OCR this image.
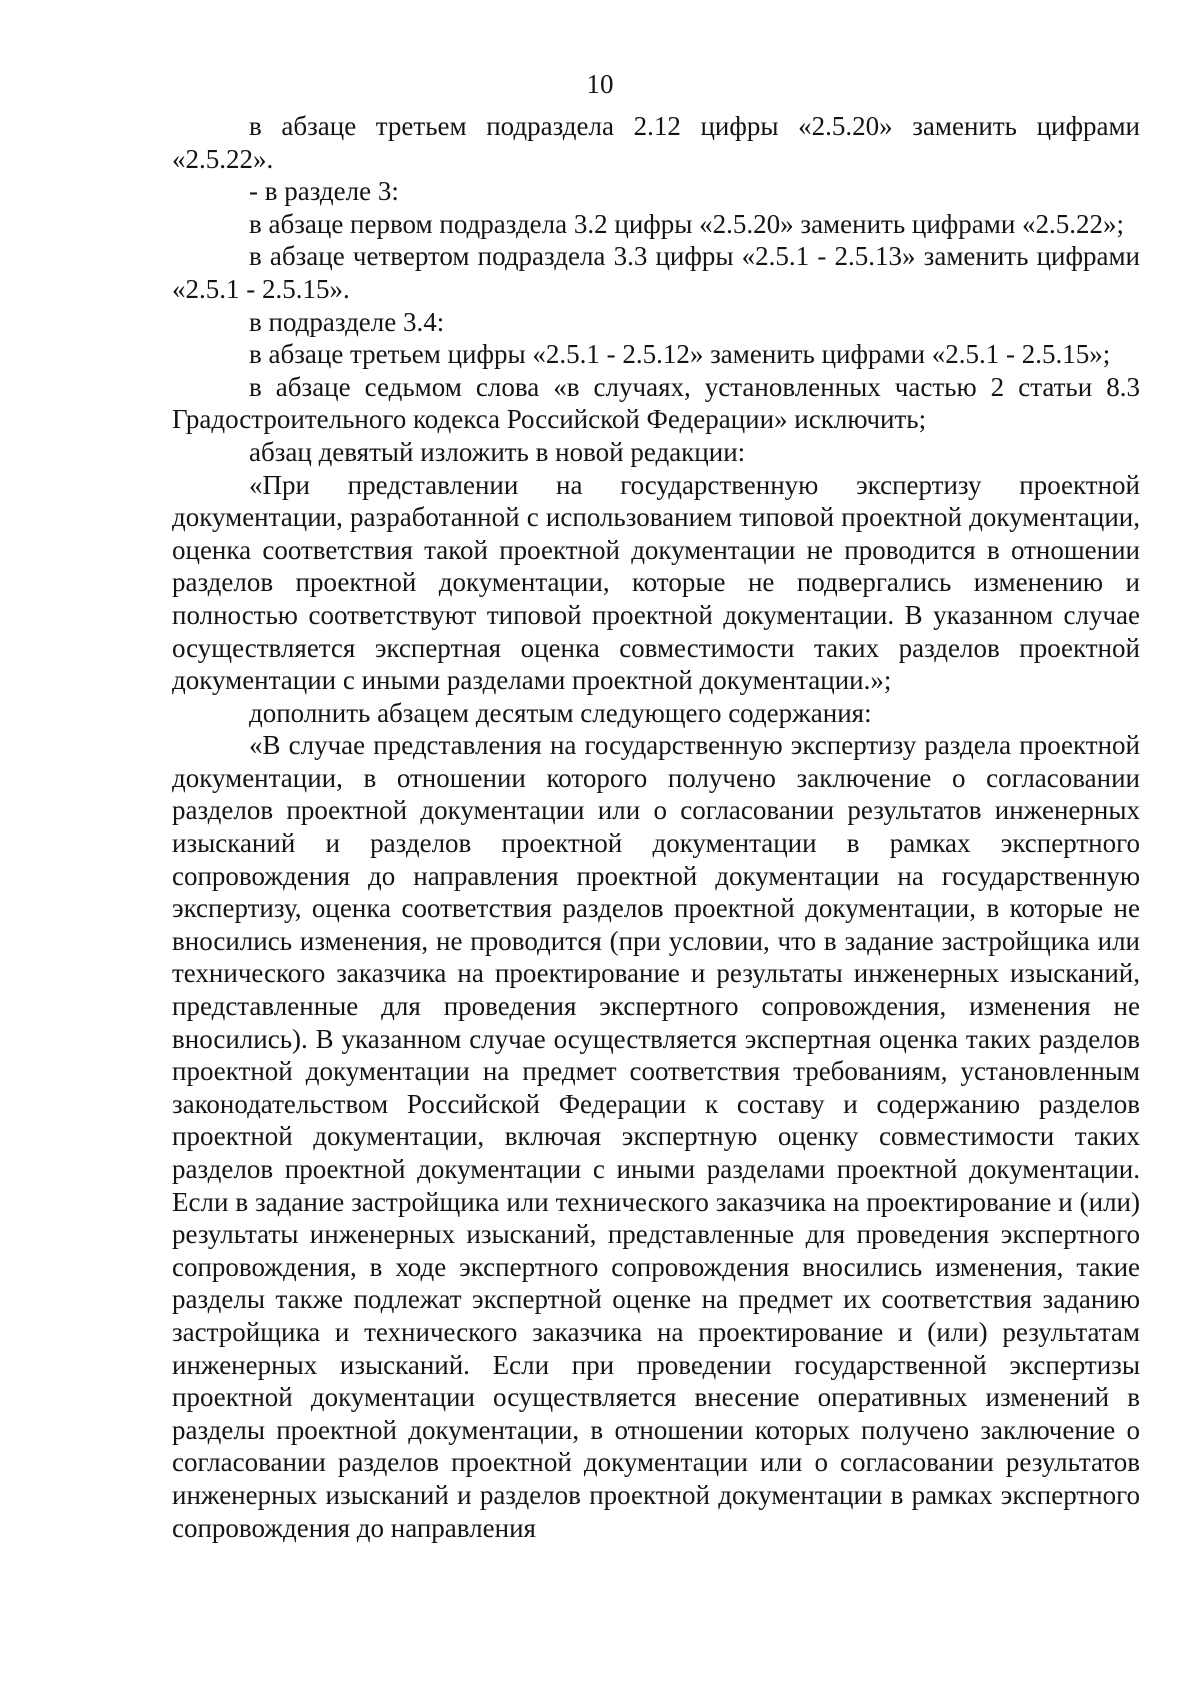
10

в абзаце третьем подраздела 2.12 цифры «2.5.20» заменить цифрами «2.5.22».

- в разделе 3:

в абзаце первом подраздела 3.2 цифры «2.5.20» заменить цифрами «2.5.22»;

в абзаце четвертом подраздела 3.3 цифры «2.5.1 - 2.5.13» заменить цифрами «2.5.1 - 2.5.15».

в подразделе 3.4:

в абзаце третьем цифры «2.5.1 - 2.5.12» заменить цифрами «2.5.1 - 2.5.15»;

в абзаце седьмом слова «в случаях, установленных частью 2 статьи 8.3 Градостроительного кодекса Российской Федерации» исключить;

абзац девятый изложить в новой редакции:

«При представлении на государственную экспертизу проектной документации, разработанной с использованием типовой проектной документации, оценка соответствия такой проектной документации не проводится в отношении разделов проектной документации, которые не подвергались изменению и полностью соответствуют типовой проектной документации. В указанном случае осуществляется экспертная оценка совместимости таких разделов проектной документации с иными разделами проектной документации.»;

дополнить абзацем десятым следующего содержания:

«В случае представления на государственную экспертизу раздела проектной документации, в отношении которого получено заключение о согласовании разделов проектной документации или о согласовании результатов инженерных изысканий и разделов проектной документации в рамках экспертного сопровождения до направления проектной документации на государственную экспертизу, оценка соответствия разделов проектной документации, в которые не вносились изменения, не проводится (при условии, что в задание застройщика или технического заказчика на проектирование и результаты инженерных изысканий, представленные для проведения экспертного сопровождения, изменения не вносились). В указанном случае осуществляется экспертная оценка таких разделов проектной документации на предмет соответствия требованиям, установленным законодательством Российской Федерации к составу и содержанию разделов проектной документации, включая экспертную оценку совместимости таких разделов проектной документации с иными разделами проектной документации. Если в задание застройщика или технического заказчика на проектирование и (или) результаты инженерных изысканий, представленные для проведения экспертного сопровождения, в ходе экспертного сопровождения вносились изменения, такие разделы также подлежат экспертной оценке на предмет их соответствия заданию застройщика и технического заказчика на проектирование и (или) результатам инженерных изысканий. Если при проведении государственной экспертизы проектной документации осуществляется внесение оперативных изменений в разделы проектной документации, в отношении которых получено заключение о согласовании разделов проектной документации или о согласовании результатов инженерных изысканий и разделов проектной документации в рамках экспертного сопровождения до направления
